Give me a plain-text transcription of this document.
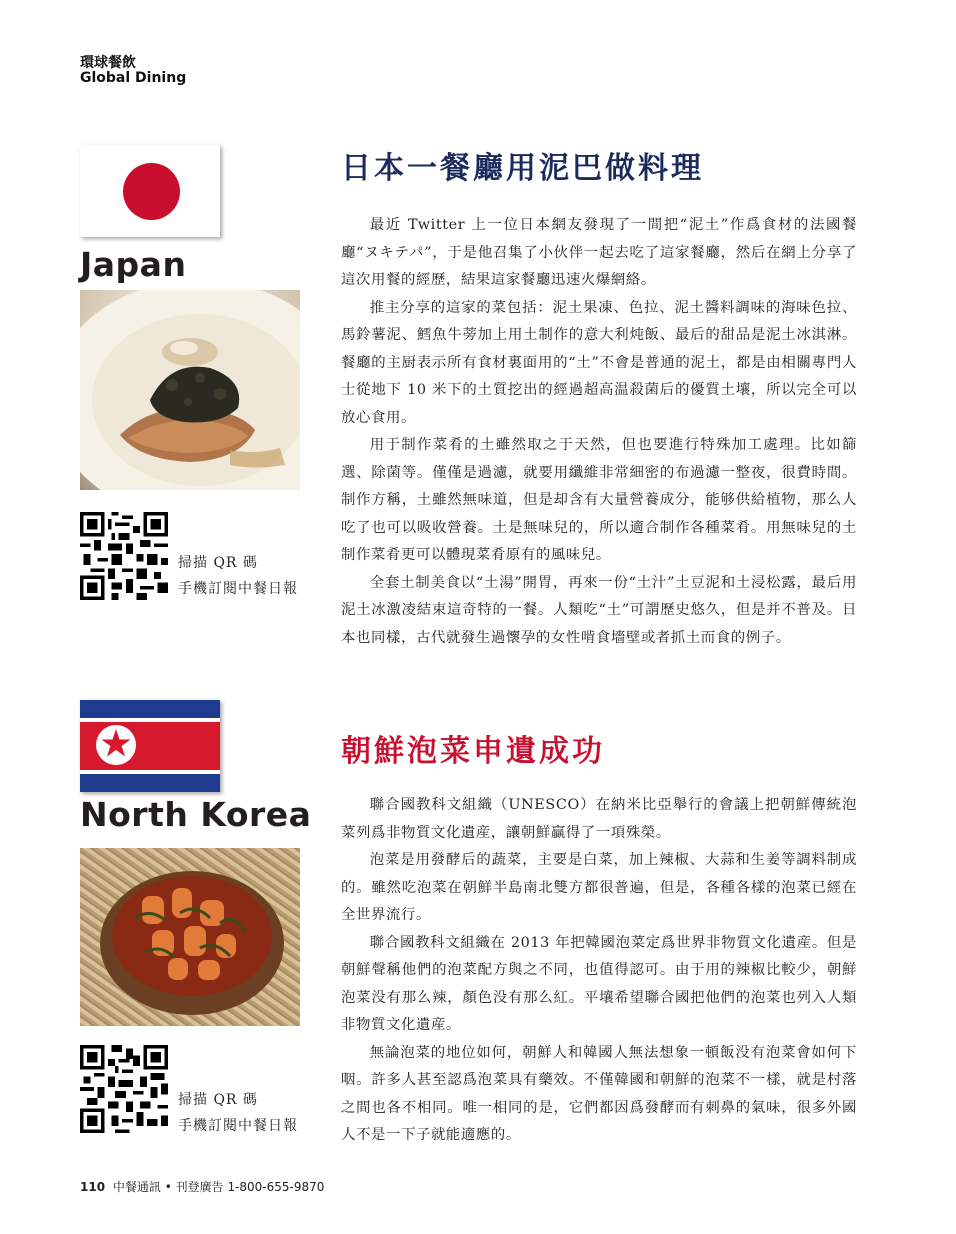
環球餐飲
Global Dining
Japan
掃描 QR 碼
手機訂閱中餐日報
日本一餐廳用泥巴做料理

最近 Twitter 上一位日本網友發現了一間把“泥土”作爲食材的法國餐廳“ヌキテパ”，于是他召集了小伙伴一起去吃了這家餐廳，然后在網上分享了這次用餐的經歷，結果這家餐廳迅速火爆網絡。

推主分享的這家的菜包括：泥土果凍、色拉、泥土醬料調味的海味色拉、馬鈴薯泥、鱈魚牛蒡加上用土制作的意大利炖飯、最后的甜品是泥土冰淇淋。餐廳的主厨表示所有食材裏面用的“土”不會是普通的泥土，都是由相關專門人士從地下 10 米下的土質挖出的經過超高温殺菌后的優質土壤，所以完全可以放心食用。

用于制作菜肴的土雖然取之于天然，但也要進行特殊加工處理。比如篩選、除菌等。僅僅是過濾，就要用纖維非常細密的布過濾一整夜，很費時間。制作方稱，土雖然無味道，但是却含有大量營養成分，能够供給植物，那么人吃了也可以吸收營養。土是無味兒的，所以適合制作各種菜肴。用無味兒的土制作菜肴更可以體現菜肴原有的風味兒。

全套土制美食以“土湯”開胃，再來一份“土汁”土豆泥和土浸松露，最后用泥土冰激凌結束這奇特的一餐。人類吃“土”可謂歷史悠久，但是并不普及。日本也同樣，古代就發生過懷孕的女性啃食墻壁或者抓土而食的例子。

North Korea
掃描 QR 碼
手機訂閱中餐日報
朝鮮泡菜申遺成功

聯合國教科文組織（UNESCO）在納米比亞舉行的會議上把朝鮮傳統泡菜列爲非物質文化遺産，讓朝鮮贏得了一項殊榮。

泡菜是用發酵后的蔬菜，主要是白菜，加上辣椒、大蒜和生姜等調料制成的。雖然吃泡菜在朝鮮半島南北雙方都很普遍，但是，各種各樣的泡菜已經在全世界流行。

聯合國教科文組織在 2013 年把韓國泡菜定爲世界非物質文化遺産。但是朝鮮聲稱他們的泡菜配方與之不同，也值得認可。由于用的辣椒比較少，朝鮮泡菜没有那么辣，顏色没有那么紅。平壤希望聯合國把他們的泡菜也列入人類非物質文化遺産。

無論泡菜的地位如何，朝鮮人和韓國人無法想象一頓飯没有泡菜會如何下咽。許多人甚至認爲泡菜具有藥效。不僅韓國和朝鮮的泡菜不一樣，就是村落之間也各不相同。唯一相同的是，它們都因爲發酵而有刺鼻的氣味，很多外國人不是一下子就能適應的。

110 中餐通訊 • 刊登廣告 1-800-655-9870
